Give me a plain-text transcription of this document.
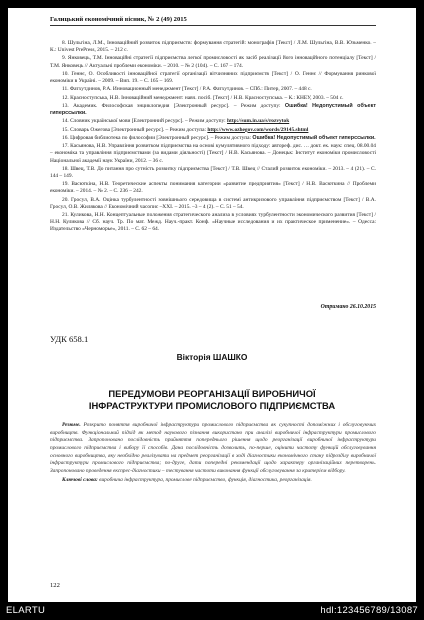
Галицький економічний вісник, № 2 (49) 2015

8. Шульгіна, Л.М., Інноваційний розвиток підприємств: формування стратегій: монографія [Текст] / Л.М. Шульгіна, В.В. Юзьменко. – К.: Univest PrePress, 2015. – 212 с.

9. Янковець, Т.М. Інноваційні стратегії підприємства легкої промисловості як засіб реалізації його інноваційного потенціалу [Текст] / Т.М. Янковець // Актуальні проблеми економіки. – 2010. – № 2 (104). – С. 167 – 174.

10. Геннє, О. Особливості інноваційної стратегії організації вітчизняних підприємств [Текст] / О. Геннє // Формування ринкової економіки в Україні. – 2009. – Вип. 19. – С. 165 – 169.

11. Фатхутдинов, Р.А. Инновационный менеджмент [Текст] / Р.А. Фатхутдинов. – СПб.: Питер, 2007. – 448 с.

12. Красноступська, Н.В. Інноваційний менеджмент: навч. посіб. [Текст] / Н.В. Красноступська. – К.: КНЕУ, 2003. – 504 с.

13. Академик. Философская энциклопедия [Электронный ресурс]. – Режим доступу: Ошибка! Недопустимый объект гиперссылки.

14. Словник української мови [Електронний ресурс]. – Режим доступу: http://sum.in.ua/s/rozvytok

15. Словарь Ожегова [Электронный ресурс]. – Режим доступа: http://www.ozhegov.com/words/29145.shtml

16. Цифровая библиотека по философии [Электронный ресурс]. – Режим доступа: Ошибка! Недопустимый объект гиперссылки.

17. Касьянова, Н.В. Управління розвитком підприємства на основі кумулятивного підходу: автореф. дис. … докт. ек. наук: спец. 08.00.04 – економіка та управління підприємствами (за видами діяльності) [Текст] / Н.В. Касьянова. – Донецьк: Інститут економіки промисловості Національної академії наук України, 2012. – 36 с.

18. Швец, Т.В. До питання про сутність розвитку підприємства [Текст] / Т.В. Швец // Сталий розвиток економіки. – 2013. – 4 (21). – С. 144 – 149.

19. Васюткіна, Н.В. Теоретические аспекты понимания категории «развитие предприятия» [Текст] / Н.В. Васюткина // Проблеми економіки. – 2014. – № 2. – С. 236 – 242.

20. Гросул, В.А. Оцінка турбулентності зовнішнього середовища в системі антикризового управління підприємством [Текст] / В.А. Гросул, О.В. Жилякова // Економічний часопис –XXI. – 2015. –3 – 4 (2). – С. 51 – 54.

21. Куликова, Н.Н. Концептуальные положения стратегического анализа в условиях турбулентности экономического развития [Текст] / Н.Н. Куликова // Сб. науч. Тр. По мат. Межд. Науч.-практ. Конф. «Научные исследования и их практическое применение». – Одесса: Издательство «Черноморье», 2011. – С. 62 – 64.

Отримано 26.10.2015
УДК 658.1
Вікторія ШАШКО
ПЕРЕДУМОВИ РЕОРГАНІЗАЦІЇ ВИРОБНИЧОЇ
ІНФРАСТРУКТУРИ ПРОМИСЛОВОГО ПІДПРИЄМСТВА

Резюме. Розкрито поняття виробничої інфраструктури промислового підприємства як сукупності допоміжних і обслуговуючих виробництв. Функціональний підхід як метод наукового пізнання використано при аналізі виробничої інфраструктури промислового підприємства. Запропоновано послідовність прийняття попереднього рішення щодо реорганізації виробничої інфраструктури промислового підприємства і вибору її способів. Дана послідовність дозволить, по-перше, оцінити частоту функцій обслуговування основного виробництва, яку необхідно реалізувати на предмет реорганізації в ході діагностики економічного стану підрозділу виробничої інфраструктури промислового підприємства; по-друге, дати попередні рекомендації щодо характеру організаційних перетворень. Запропоновано проведення експрес-діагностики – тестування частоти виконання функції обслуговування за критерієм відбору.

Ключові слова: виробнича інфраструктура, промислове підприємство, функція, діагностика, реорганізація.

122
ELARTU	hdl:123456789/13087
